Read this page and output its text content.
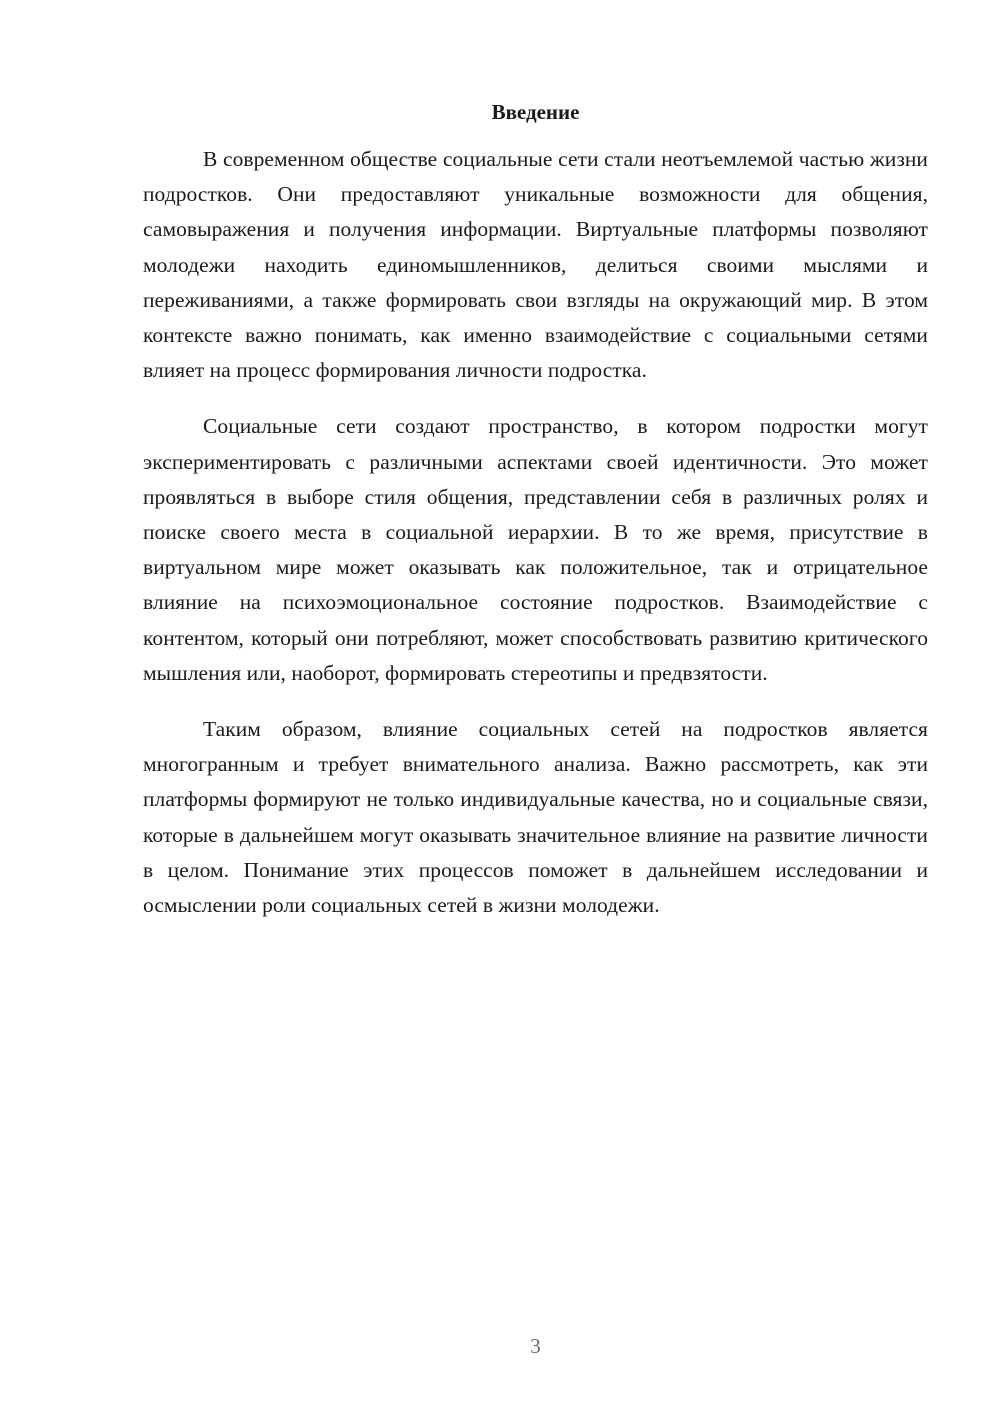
Введение

В современном обществе социальные сети стали неотъемлемой частью жизни подростков. Они предоставляют уникальные возможности для общения, самовыражения и получения информации. Виртуальные платформы позволяют молодежи находить единомышленников, делиться своими мыслями и переживаниями, а также формировать свои взгляды на окружающий мир. В этом контексте важно понимать, как именно взаимодействие с социальными сетями влияет на процесс формирования личности подростка.

Социальные сети создают пространство, в котором подростки могут экспериментировать с различными аспектами своей идентичности. Это может проявляться в выборе стиля общения, представлении себя в различных ролях и поиске своего места в социальной иерархии. В то же время, присутствие в виртуальном мире может оказывать как положительное, так и отрицательное влияние на психоэмоциональное состояние подростков. Взаимодействие с контентом, который они потребляют, может способствовать развитию критического мышления или, наоборот, формировать стереотипы и предвзятости.

Таким образом, влияние социальных сетей на подростков является многогранным и требует внимательного анализа. Важно рассмотреть, как эти платформы формируют не только индивидуальные качества, но и социальные связи, которые в дальнейшем могут оказывать значительное влияние на развитие личности в целом. Понимание этих процессов поможет в дальнейшем исследовании и осмыслении роли социальных сетей в жизни молодежи.

3
